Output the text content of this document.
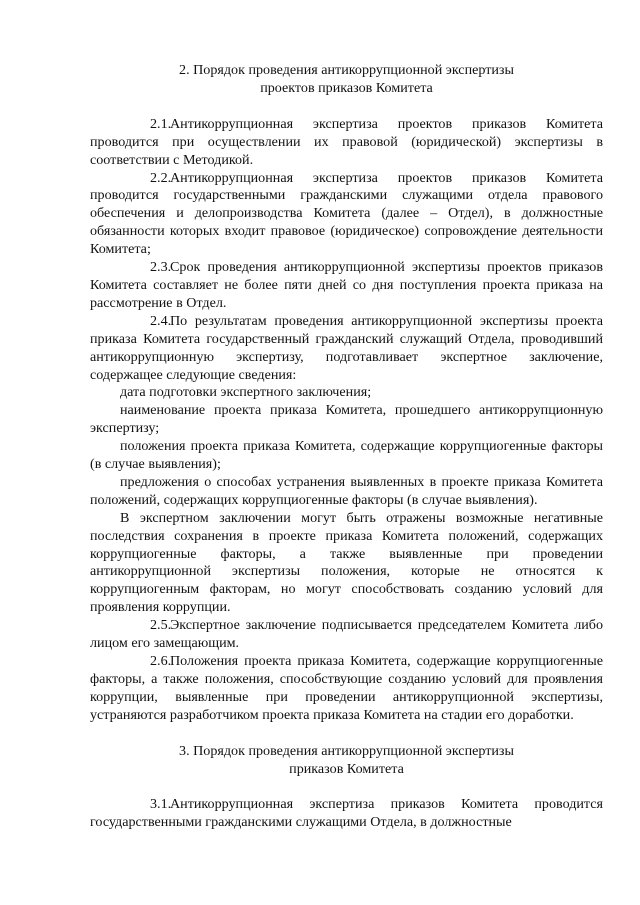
2. Порядок проведения антикоррупционной экспертизы
проектов приказов Комитета

2.1.Антикоррупционная экспертиза проектов приказов Комитета проводится при осуществлении их правовой (юридической) экспертизы в соответствии с Методикой.

2.2.Антикоррупционная экспертиза проектов приказов Комитета проводится государственными гражданскими служащими отдела правового обеспечения и делопроизводства Комитета (далее – Отдел), в должностные обязанности которых входит правовое (юридическое) сопровождение деятельности Комитета;

2.3.Срок проведения антикоррупционной экспертизы проектов приказов Комитета составляет не более пяти дней со дня поступления проекта приказа на рассмотрение в Отдел.

2.4.По результатам проведения антикоррупционной экспертизы проекта приказа Комитета государственный гражданский служащий Отдела, проводивший антикоррупционную экспертизу, подготавливает экспертное заключение, содержащее следующие сведения:

дата подготовки экспертного заключения;

наименование проекта приказа Комитета, прошедшего антикоррупционную экспертизу;

положения проекта приказа Комитета, содержащие коррупциогенные факторы (в случае выявления);

предложения о способах устранения выявленных в проекте приказа Комитета положений, содержащих коррупциогенные факторы (в случае выявления).

В экспертном заключении могут быть отражены возможные негативные последствия сохранения в проекте приказа Комитета положений, содержащих коррупциогенные факторы, а также выявленные при проведении антикоррупционной экспертизы положения, которые не относятся к коррупциогенным факторам, но могут способствовать созданию условий для проявления коррупции.

2.5.Экспертное заключение подписывается председателем Комитета либо лицом его замещающим.

2.6.Положения проекта приказа Комитета, содержащие коррупциогенные факторы, а также положения, способствующие созданию условий для проявления коррупции, выявленные при проведении антикоррупционной экспертизы, устраняются разработчиком проекта приказа Комитета на стадии его доработки.

3. Порядок проведения антикоррупционной экспертизы
приказов Комитета

3.1.Антикоррупционная экспертиза приказов Комитета проводится государственными гражданскими служащими Отдела, в должностные
